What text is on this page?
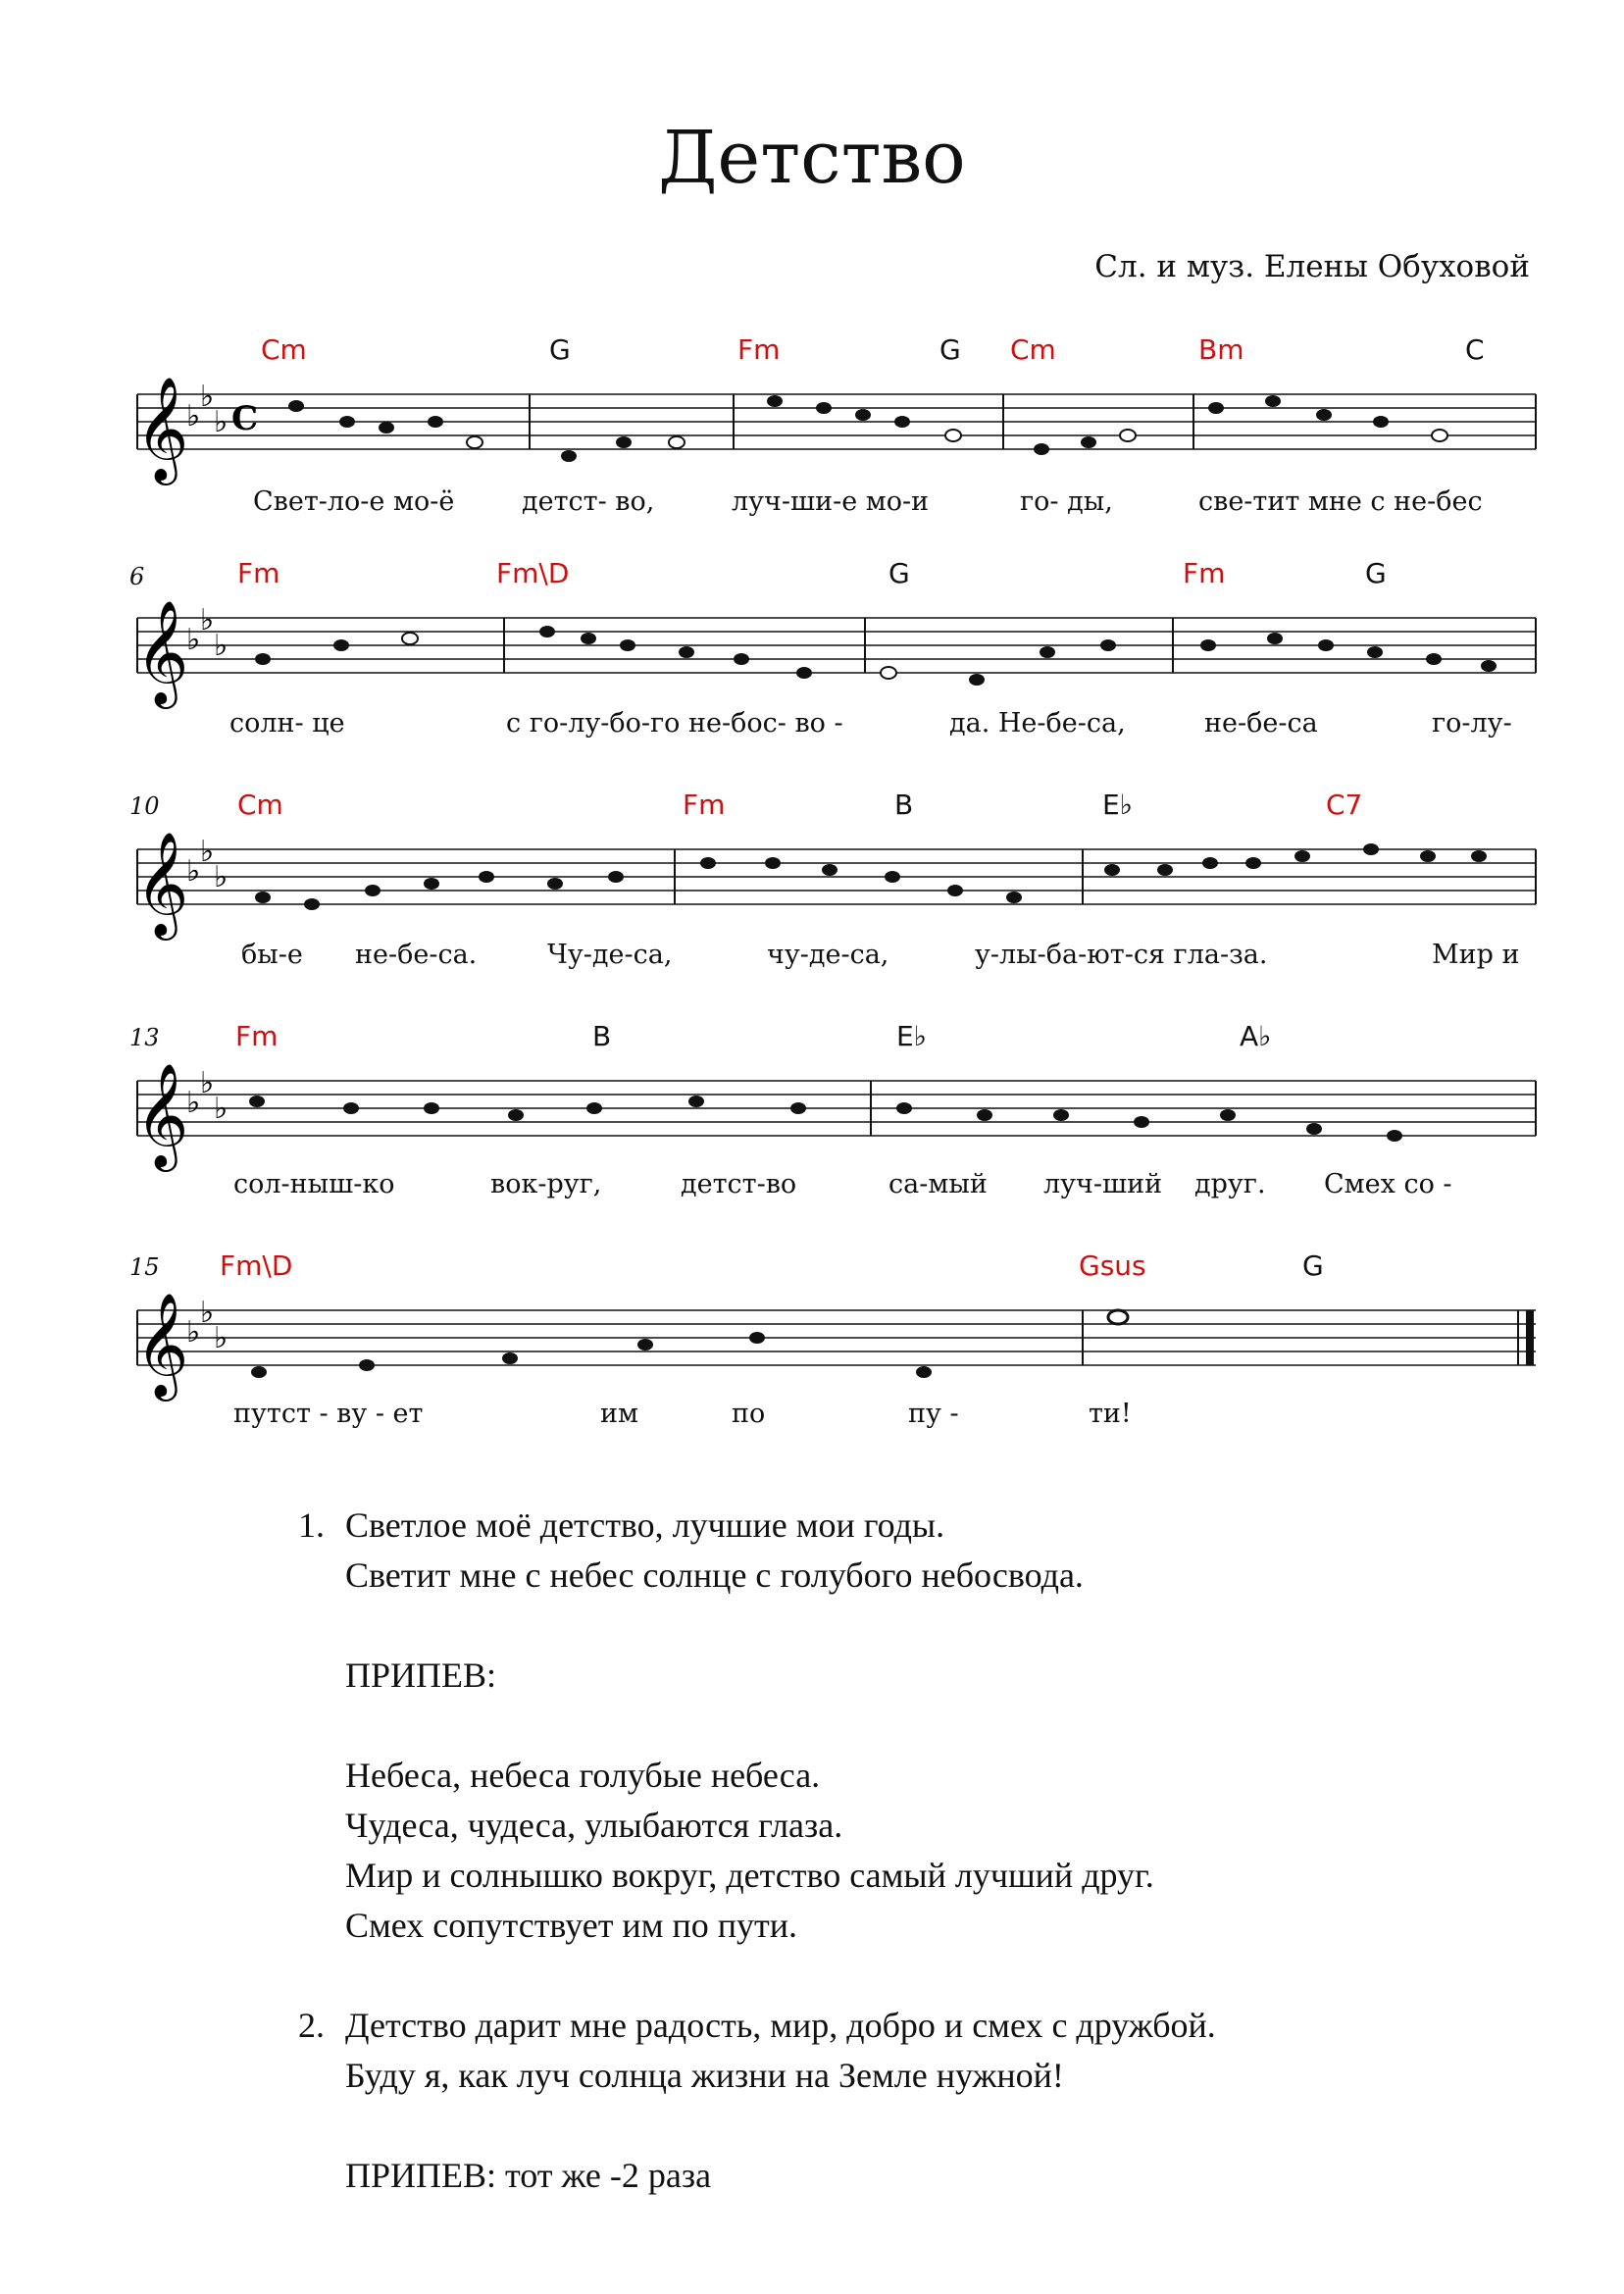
Детство
Сл. и муз. Елены Обуховой
𝄞
♭
♭
♭ C
𝄞
♭
♭
♭
𝄞
♭
♭
♭
𝄞
♭
♭
♭
𝄞
♭
♭
♭
Cm	G	Fm	G Cm	Bm	C
6	Fm	Fm\D	G	Fm	G
10	Cm	Fm	B	E♭	C7
13	Fm	B	E♭	A♭
15 Fm\D	Gsus	G
Свет-ло-е мо-ё	детст- во,	луч-ши-е мо-и	го- ды,	све-тит мне с не-бес
солн- це	с го-лу-бо-го не-бос- во -	да. Не-бе-са,	не-бе-са	го-лу-
бы-е не-бе-са.	Чу-де-са,	чу-де-са,	у-лы-ба-ют-ся гла-за.	Мир и
сол-ныш-ко	вок-руг,	детст-во	са-мый луч-ший друг. Смех со -
путст - ву - ет	им	по	пу -	ти!
1. Светлое моё детство, лучшие мои годы.
Светит мне с небес солнце с голубого небосвода.
ПРИПЕВ:
Небеса, небеса голубые небеса.
Чудеса, чудеса, улыбаются глаза.
Мир и солнышко вокруг, детство самый лучший друг.
Смех сопутствует им по пути.
2. Детство дарит мне радость, мир, добро и смех с дружбой.
Буду я, как луч солнца жизни на Земле нужной!
ПРИПЕВ: тот же -2 раза
